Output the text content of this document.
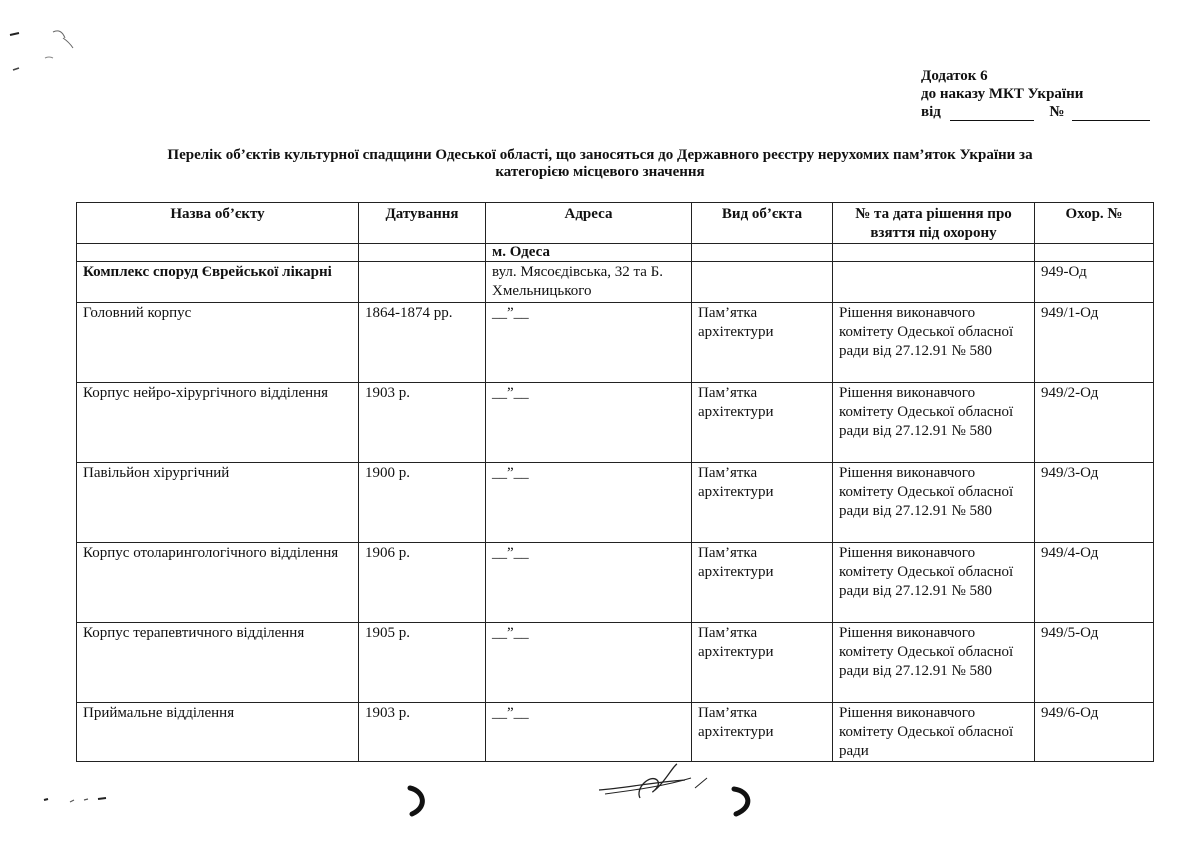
Додаток 6
до наказу МКТ України
від	№
Перелік об’єктів культурної спадщини Одеської області, що заносяться до Державного реєстру нерухомих пам’яток України за
категорією місцевого значення
Назва об’єкту	Датування	Адреса	Вид об’єкта	№ та дата рішення про взяття під охорону	Охор. №
		м. Одеса			
Комплекс споруд Єврейської лікарні		вул. Мясоєдівська, 32 та Б. Хмельницького			949-Од
Головний корпус	1864-1874 рр.	__”__	Пам’ятка архітектури	Рішення виконавчого комітету Одеської обласної ради від 27.12.91 № 580	949/1-Од
Корпус нейро-хірургічного відділення	1903 р.	__”__	Пам’ятка архітектури	Рішення виконавчого комітету Одеської обласної ради від 27.12.91 № 580	949/2-Од
Павільйон хірургічний	1900 р.	__”__	Пам’ятка архітектури	Рішення виконавчого комітету Одеської обласної ради від 27.12.91 № 580	949/3-Од
Корпус отоларингологічного відділення	1906 р.	__”__	Пам’ятка архітектури	Рішення виконавчого комітету Одеської обласної ради від 27.12.91 № 580	949/4-Од
Корпус терапевтичного відділення	1905 р.	__”__	Пам’ятка архітектури	Рішення виконавчого комітету Одеської обласної ради від 27.12.91 № 580	949/5-Од
Приймальне відділення	1903 р.	__”__	Пам’ятка архітектури	Рішення виконавчого комітету Одеської обласної ради	949/6-Од
